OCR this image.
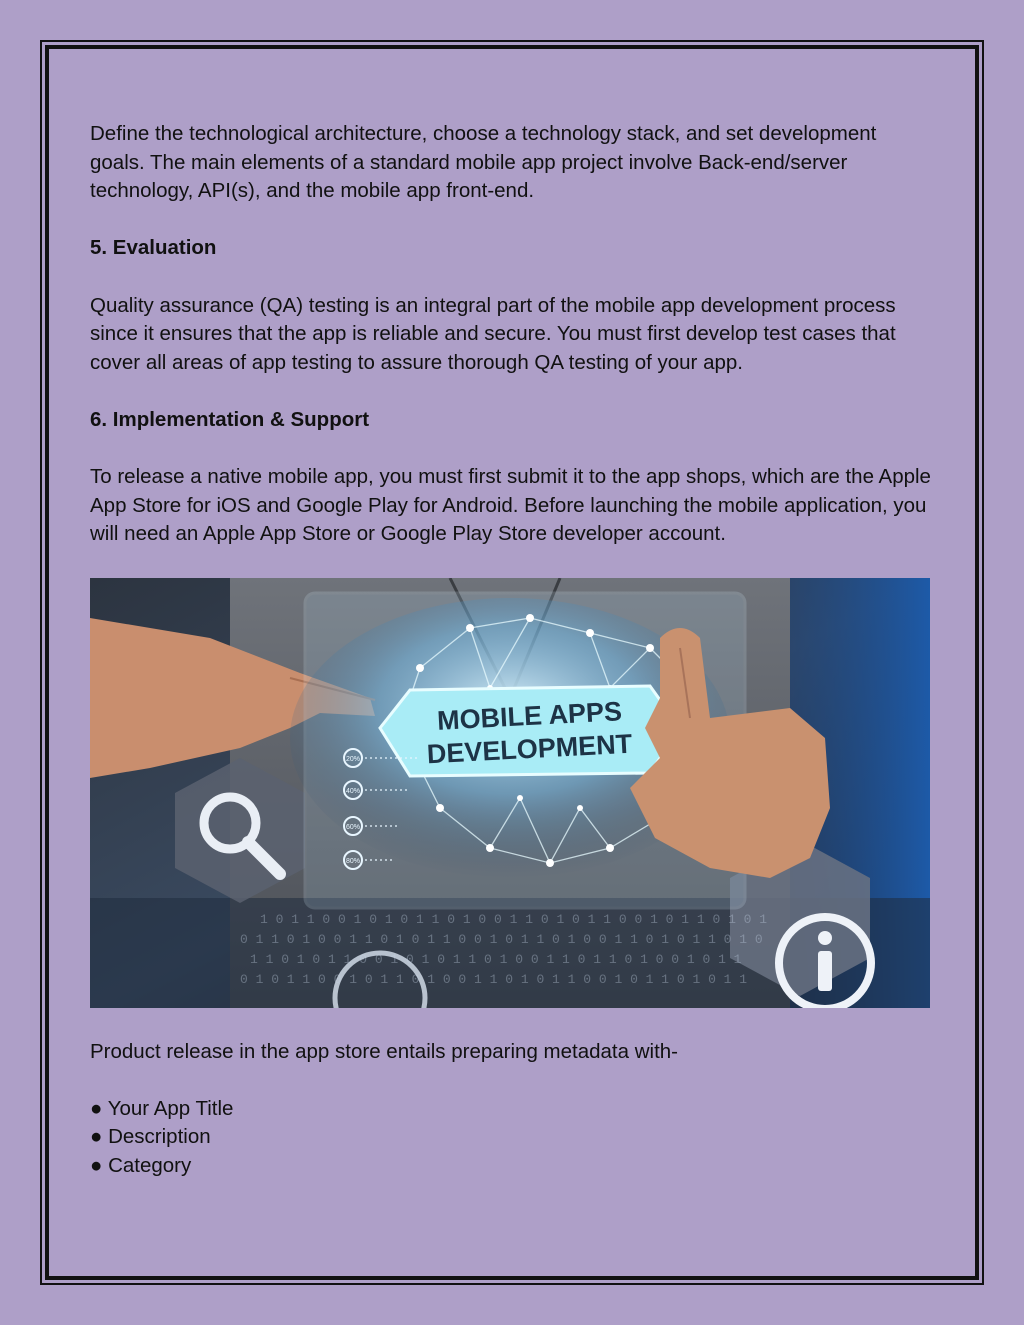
Define the technological architecture, choose a technology stack, and set development goals. The main elements of a standard mobile app project involve Back-end/server technology, API(s), and the mobile app front-end.

5. Evaluation

Quality assurance (QA) testing is an integral part of the mobile app development process since it ensures that the app is reliable and secure. You must first develop test cases that cover all areas of app testing to assure thorough QA testing of your app.

6. Implementation & Support

To release a native mobile app, you must first submit it to the app shops, which are the Apple App Store for iOS and Google Play for Android. Before launching the mobile application, you will need an Apple App Store or Google Play Store developer account.

MOBILE APPS
DEVELOPMENT
20%
40%
60%
80%
1 0 1 1 0 0 1 0 1 0 1 1 0 1 0 0 1 1 0 1 0 1 1 0 0 1 0 1 1 0 1 0 1
0 1 1 0 1 0 0 1 1 0 1 0 1 1 0 0 1 0 1 1 0 1 0 0 1 1 0 1 0 1 1 0 1 0
1 1 0 1 0 1 1 0 0 1 0 1 0 1 1 0 1 0 0 1 1 0 1 1 0 1 0 0 1 0 1 1
0 1 0 1 1 0 0 1 0 1 1 0 1 0 0 1 1 0 1 0 1 1 0 0 1 0 1 1 0 1 0 1 1

Product release in the app store entails preparing metadata with-

● Your App Title
● Description
● Category
